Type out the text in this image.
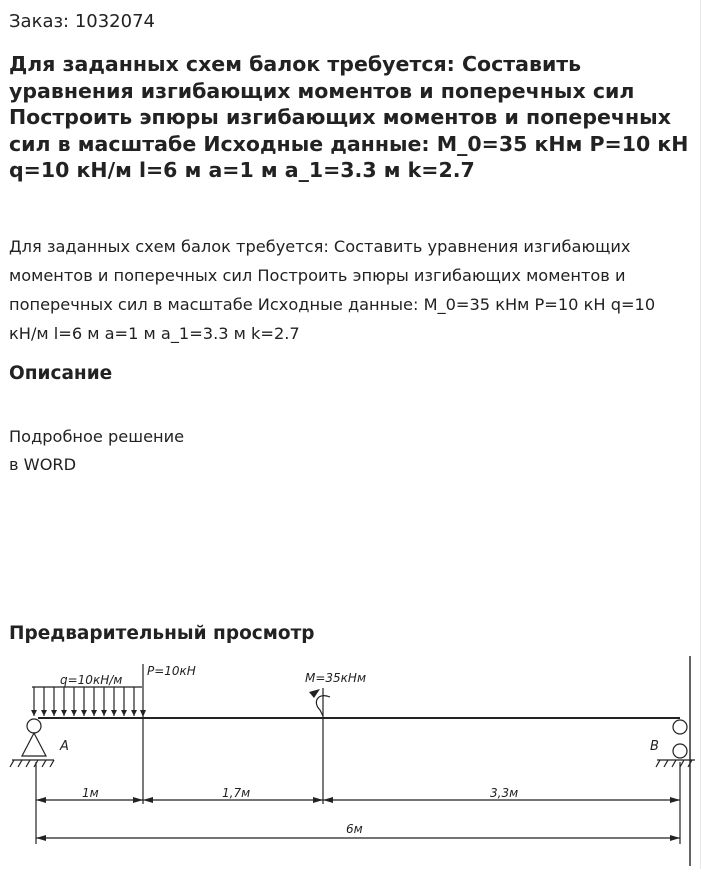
Заказ: 1032074
Для заданных схем балок требуется: Составить уравнения изгибающих моментов и поперечных сил Построить эпюры изгибающих моментов и поперечных сил в масштабе Исходные данные: M_0=35 кНм P=10 кН q=10 кН/м l=6 м a=1 м a_1=3.3 м k=2.7

Для заданных схем балок требуется: Составить уравнения изгибающих моментов и поперечных сил Построить эпюры изгибающих моментов и поперечных сил в масштабе Исходные данные: M_0=35 кНм P=10 кН q=10 кН/м l=6 м a=1 м a_1=3.3 м k=2.7

Описание

Подробное решение
в WORD

Предварительный просмотр
q=10кН/м
P=10кН	M=35кНм
A	B
1м	1,7м	3,3м
6м
